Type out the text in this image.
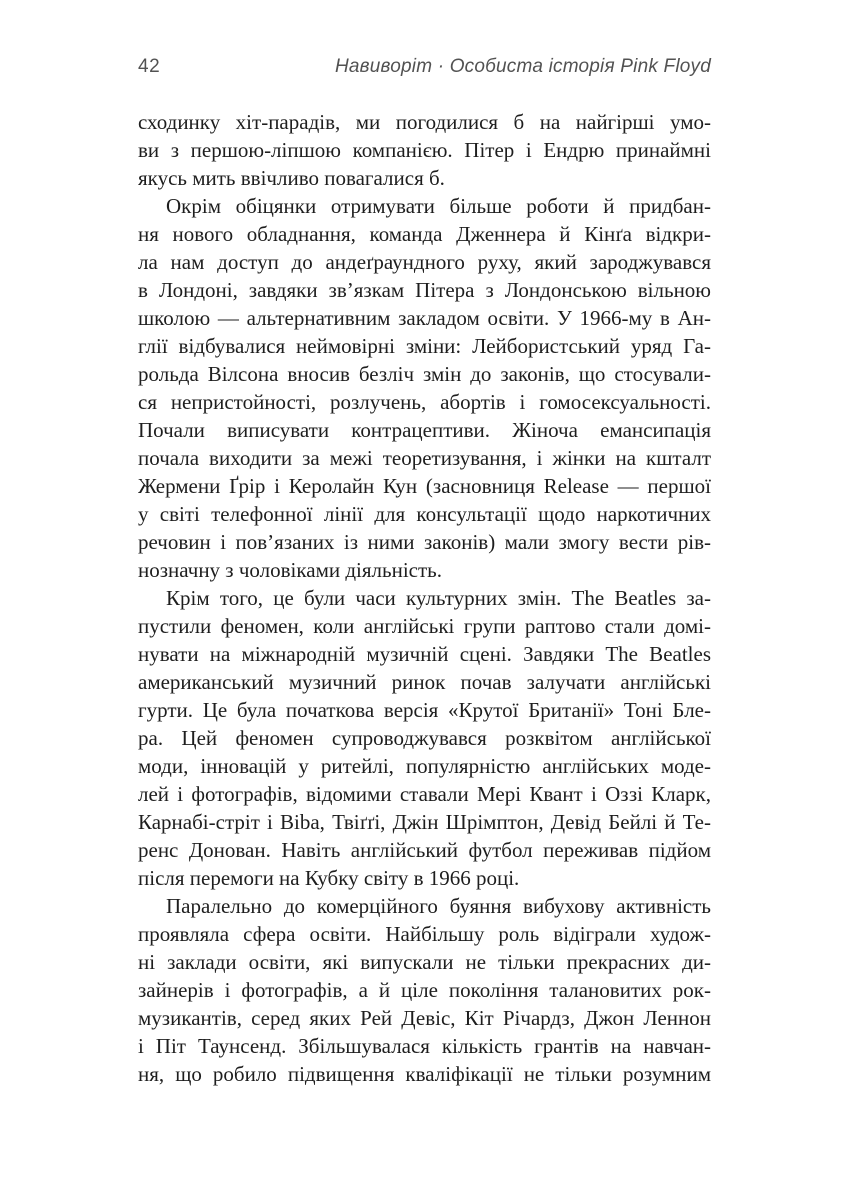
42	Навиворіт · Особиста історія Pink Floyd
сходинку хіт-парадів, ми погодилися б на найгірші умо-
ви з першою-ліпшою компанією. Пітер і Ендрю принаймні
якусь мить ввічливо повагалися б.
Окрім обіцянки отримувати більше роботи й придбан-
ня нового обладнання, команда Дженнера й Кінґа відкри-
ла нам доступ до андеґраундного руху, який зароджувався
в Лондоні, завдяки зв’язкам Пітера з Лондонською вільною
школою — альтернативним закладом освіти. У 1966-му в Ан-
глії відбувалися неймовірні зміни: Лейбористський уряд Га-
рольда Вілсона вносив безліч змін до законів, що стосували-
ся непристойності, розлучень, абортів і гомосексуальності.
Почали виписувати контрацептиви. Жіноча емансипація
почала виходити за межі теоретизування, і жінки на кшталт
Жермени Ґрір і Керолайн Кун (засновниця Release — першої
у світі телефонної лінії для консультації щодо наркотичних
речовин і пов’язаних із ними законів) мали змогу вести рів-
нозначну з чоловіками діяльність.
Крім того, це були часи культурних змін. The Beatles за-
пустили феномен, коли англійські групи раптово стали домі-
нувати на міжнародній музичній сцені. Завдяки The Beatles
американський музичний ринок почав залучати англійські
гурти. Це була початкова версія «Крутої Британії» Тоні Бле-
ра. Цей феномен супроводжувався розквітом англійської
моди, інновацій у ритейлі, популярністю англійських моде-
лей і фотографів, відомими ставали Мері Квант і Оззі Кларк,
Карнабі-стріт і Biba, Твіґґі, Джін Шрімптон, Девід Бейлі й Те-
ренс Донован. Навіть англійський футбол переживав підйом
після перемоги на Кубку світу в 1966 році.
Паралельно до комерційного буяння вибухову активність
проявляла сфера освіти. Найбільшу роль відіграли худож-
ні заклади освіти, які випускали не тільки прекрасних ди-
зайнерів і фотографів, а й ціле покоління талановитих рок-
музикантів, серед яких Рей Девіс, Кіт Річардз, Джон Леннон
і Піт Таунсенд. Збільшувалася кількість грантів на навчан-
ня, що робило підвищення кваліфікації не тільки розумним
